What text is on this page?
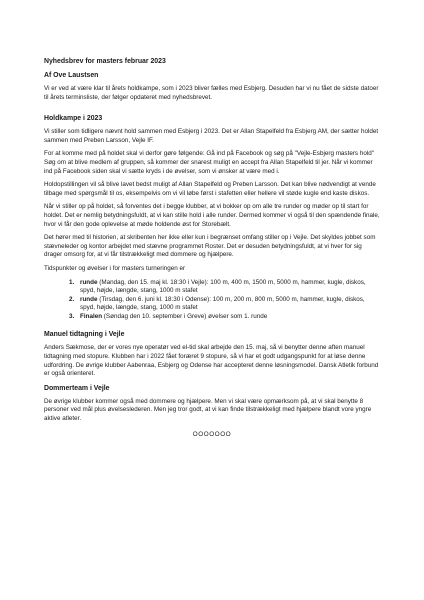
Nyhedsbrev for masters februar 2023
Af Ove Laustsen

Vi er ved at være klar til årets holdkampe, som i 2023 bliver fælles med Esbjerg. Desuden har vi nu fået de sidste datoer til årets terminsliste, der følger opdateret med nyhedsbrevet.

Holdkampe i 2023

Vi stiller som tidligere nævnt hold sammen med Esbjerg i 2023. Det er Allan Stapelfeld fra Esbjerg AM, der sætter holdet sammen med Preben Larsson, Vejle IF.

For at komme med på holdet skal vi derfor gøre følgende: Gå ind på Facebook og søg på "Vejle-Esbjerg masters hold" Søg om at blive medlem af gruppen, så kommer der snarest muligt en accept fra Allan Stapelfeld til jer. Når vi kommer ind på Facebook siden skal vi sætte kryds i de øvelser, som vi ønsker at være med i.

Holdopstillingen vil så blive lavet bedst muligt af Allan Stapelfeld og Preben Larsson. Det kan blive nødvendigt at vende tilbage med spørgsmål til os, eksempelvis om vi vil løbe først i stafetten eller hellere vil støde kugle end kaste diskos.

Når vi stiller op på holdet, så forventes det i begge klubber, at vi bokker op om alle tre runder og møder op til start for holdet. Det er nemlig betydningsfuldt, at vi kan stille hold i alle runder. Dermed kommer vi også til den spændende finale, hvor vi får den gode oplevelse at møde holdende øst for Storebælt.

Det hører med til historien, at skribenten her ikke eller kun i begrænset omfang stiller op i Vejle. Det skyldes jobbet som stævneleder og kontor arbejdet med stævne programmet Roster. Det er desuden betydningsfuldt, at vi hver for sig drager omsorg for, at vi får tilstrækkeligt med dommere og hjælpere.

Tidspunkter og øvelser i for masters turneringen er

1. runde (Mandag, den 15. maj kl. 18:30 i Vejle): 100 m, 400 m, 1500 m, 5000 m, hammer, kugle, diskos, spyd, højde, længde, stang, 1000 m stafet
2. runde (Tirsdag, den 6. juni kl. 18:30 i Odense): 100 m, 200 m, 800 m, 5000 m, hammer, kugle, diskos, spyd, højde, længde, stang, 1000 m stafet
3. Finalen (Søndag den 10. september i Greve) øvelser som 1. runde
Manuel tidtagning i Vejle

Anders Sækmose, der er vores nye operatør ved el-tid skal arbejde den 15. maj, så vi benytter denne aften manuel tidtagning med stopure. Klubben har i 2022 fået foræret 9 stopure, så vi har et godt udgangspunkt for at løse denne udfordring. De øvrige klubber Aabenraa, Esbjerg og Odense har accepteret denne løsningsmodel. Dansk Atletik forbund er også orienteret.

Dommerteam i Vejle

De øvrige klubber kommer også med dommere og hjælpere. Men vi skal være opmærksom på, at vi skal benytte 8 personer ved mål plus øvelseslederen. Men jeg tror godt, at vi kan finde tilstrækkeligt med hjælpere blandt vore yngre aktive atleter.

OOOOOOO
